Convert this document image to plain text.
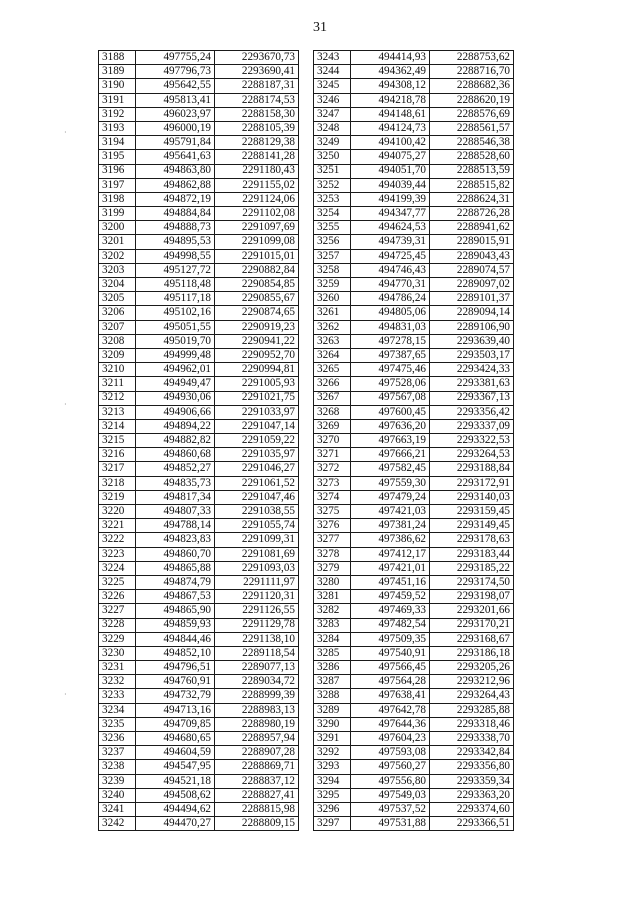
31
·
·
·
3188	497755,24	2293670,73
3189	497796,73	2293690,41
3190	495642,55	2288187,31
3191	495813,41	2288174,53
3192	496023,97	2288158,30
3193	496000,19	2288105,39
3194	495791,84	2288129,38
3195	495641,63	2288141,28
3196	494863,80	2291180,43
3197	494862,88	2291155,02
3198	494872,19	2291124,06
3199	494884,84	2291102,08
3200	494888,73	2291097,69
3201	494895,53	2291099,08
3202	494998,55	2291015,01
3203	495127,72	2290882,84
3204	495118,48	2290854,85
3205	495117,18	2290855,67
3206	495102,16	2290874,65
3207	495051,55	2290919,23
3208	495019,70	2290941,22
3209	494999,48	2290952,70
3210	494962,01	2290994,81
3211	494949,47	2291005,93
3212	494930,06	2291021,75
3213	494906,66	2291033,97
3214	494894,22	2291047,14
3215	494882,82	2291059,22
3216	494860,68	2291035,97
3217	494852,27	2291046,27
3218	494835,73	2291061,52
3219	494817,34	2291047,46
3220	494807,33	2291038,55
3221	494788,14	2291055,74
3222	494823,83	2291099,31
3223	494860,70	2291081,69
3224	494865,88	2291093,03
3225	494874,79	2291111,97
3226	494867,53	2291120,31
3227	494865,90	2291126,55
3228	494859,93	2291129,78
3229	494844,46	2291138,10
3230	494852,10	2289118,54
3231	494796,51	2289077,13
3232	494760,91	2289034,72
3233	494732,79	2288999,39
3234	494713,16	2288983,13
3235	494709,85	2288980,19
3236	494680,65	2288957,94
3237	494604,59	2288907,28
3238	494547,95	2288869,71
3239	494521,18	2288837,12
3240	494508,62	2288827,41
3241	494494,62	2288815,98
3242	494470,27	2288809,15
3243	494414,93	2288753,62
3244	494362,49	2288716,70
3245	494308,12	2288682,36
3246	494218,78	2288620,19
3247	494148,61	2288576,69
3248	494124,73	2288561,57
3249	494100,42	2288546,38
3250	494075,27	2288528,60
3251	494051,70	2288513,59
3252	494039,44	2288515,82
3253	494199,39	2288624,31
3254	494347,77	2288726,28
3255	494624,53	2288941,62
3256	494739,31	2289015,91
3257	494725,45	2289043,43
3258	494746,43	2289074,57
3259	494770,31	2289097,02
3260	494786,24	2289101,37
3261	494805,06	2289094,14
3262	494831,03	2289106,90
3263	497278,15	2293639,40
3264	497387,65	2293503,17
3265	497475,46	2293424,33
3266	497528,06	2293381,63
3267	497567,08	2293367,13
3268	497600,45	2293356,42
3269	497636,20	2293337,09
3270	497663,19	2293322,53
3271	497666,21	2293264,53
3272	497582,45	2293188,84
3273	497559,30	2293172,91
3274	497479,24	2293140,03
3275	497421,03	2293159,45
3276	497381,24	2293149,45
3277	497386,62	2293178,63
3278	497412,17	2293183,44
3279	497421,01	2293185,22
3280	497451,16	2293174,50
3281	497459,52	2293198,07
3282	497469,33	2293201,66
3283	497482,54	2293170,21
3284	497509,35	2293168,67
3285	497540,91	2293186,18
3286	497566,45	2293205,26
3287	497564,28	2293212,96
3288	497638,41	2293264,43
3289	497642,78	2293285,88
3290	497644,36	2293318,46
3291	497604,23	2293338,70
3292	497593,08	2293342,84
3293	497560,27	2293356,80
3294	497556,80	2293359,34
3295	497549,03	2293363,20
3296	497537,52	2293374,60
3297	497531,88	2293366,51
